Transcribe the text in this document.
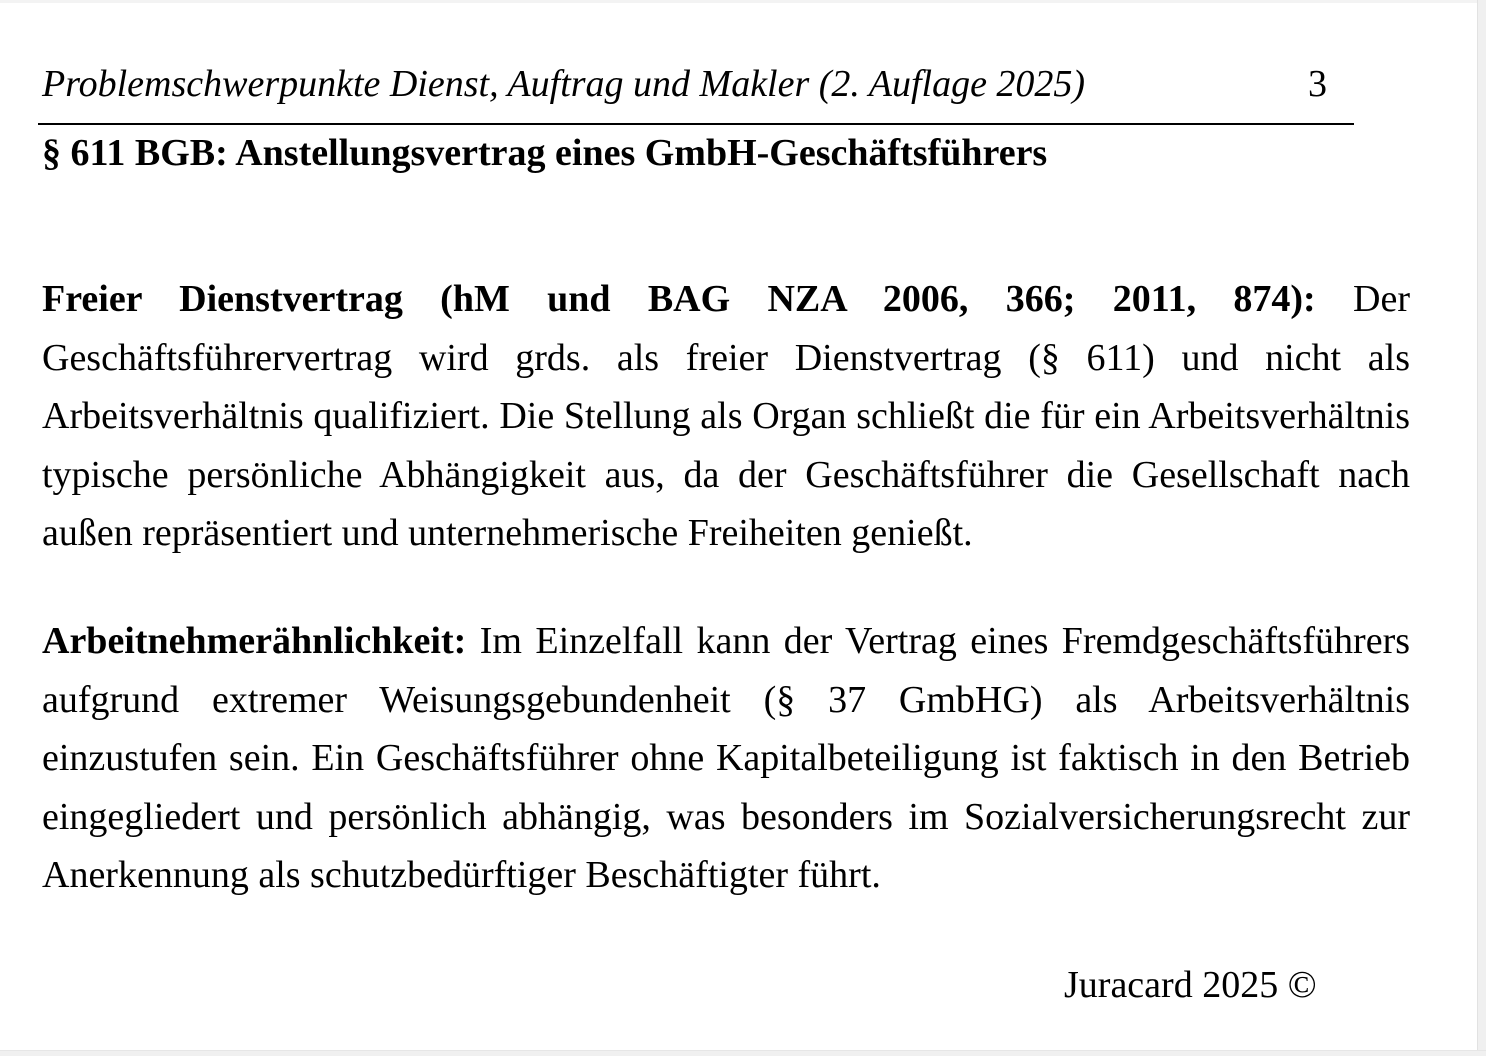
Problemschwerpunkte Dienst, Auftrag und Makler (2. Auflage 2025)	3
§ 611 BGB: Anstellungsvertrag eines GmbH-Geschäftsführers
Freier Dienstvertrag (hM und BAG NZA 2006, 366; 2011, 874): Der Geschäftsführervertrag wird grds. als freier Dienstvertrag (§ 611) und nicht als Arbeitsverhältnis qualifiziert. Die Stellung als Organ schließt die für ein Arbeitsverhältnis typische persönliche Abhängigkeit aus, da der Geschäftsführer die Gesellschaft nach außen repräsentiert und unternehmerische Freiheiten genießt.
Arbeitnehmerähnlichkeit: Im Einzelfall kann der Vertrag eines Fremdgeschäftsführers aufgrund extremer Weisungsgebundenheit (§ 37 GmbHG) als Arbeitsverhältnis einzustufen sein. Ein Geschäftsführer ohne Kapitalbeteiligung ist faktisch in den Betrieb eingegliedert und persönlich abhängig, was besonders im Sozialversicherungsrecht zur Anerkennung als schutzbedürftiger Beschäftigter führt.
Juracard 2025 ©
